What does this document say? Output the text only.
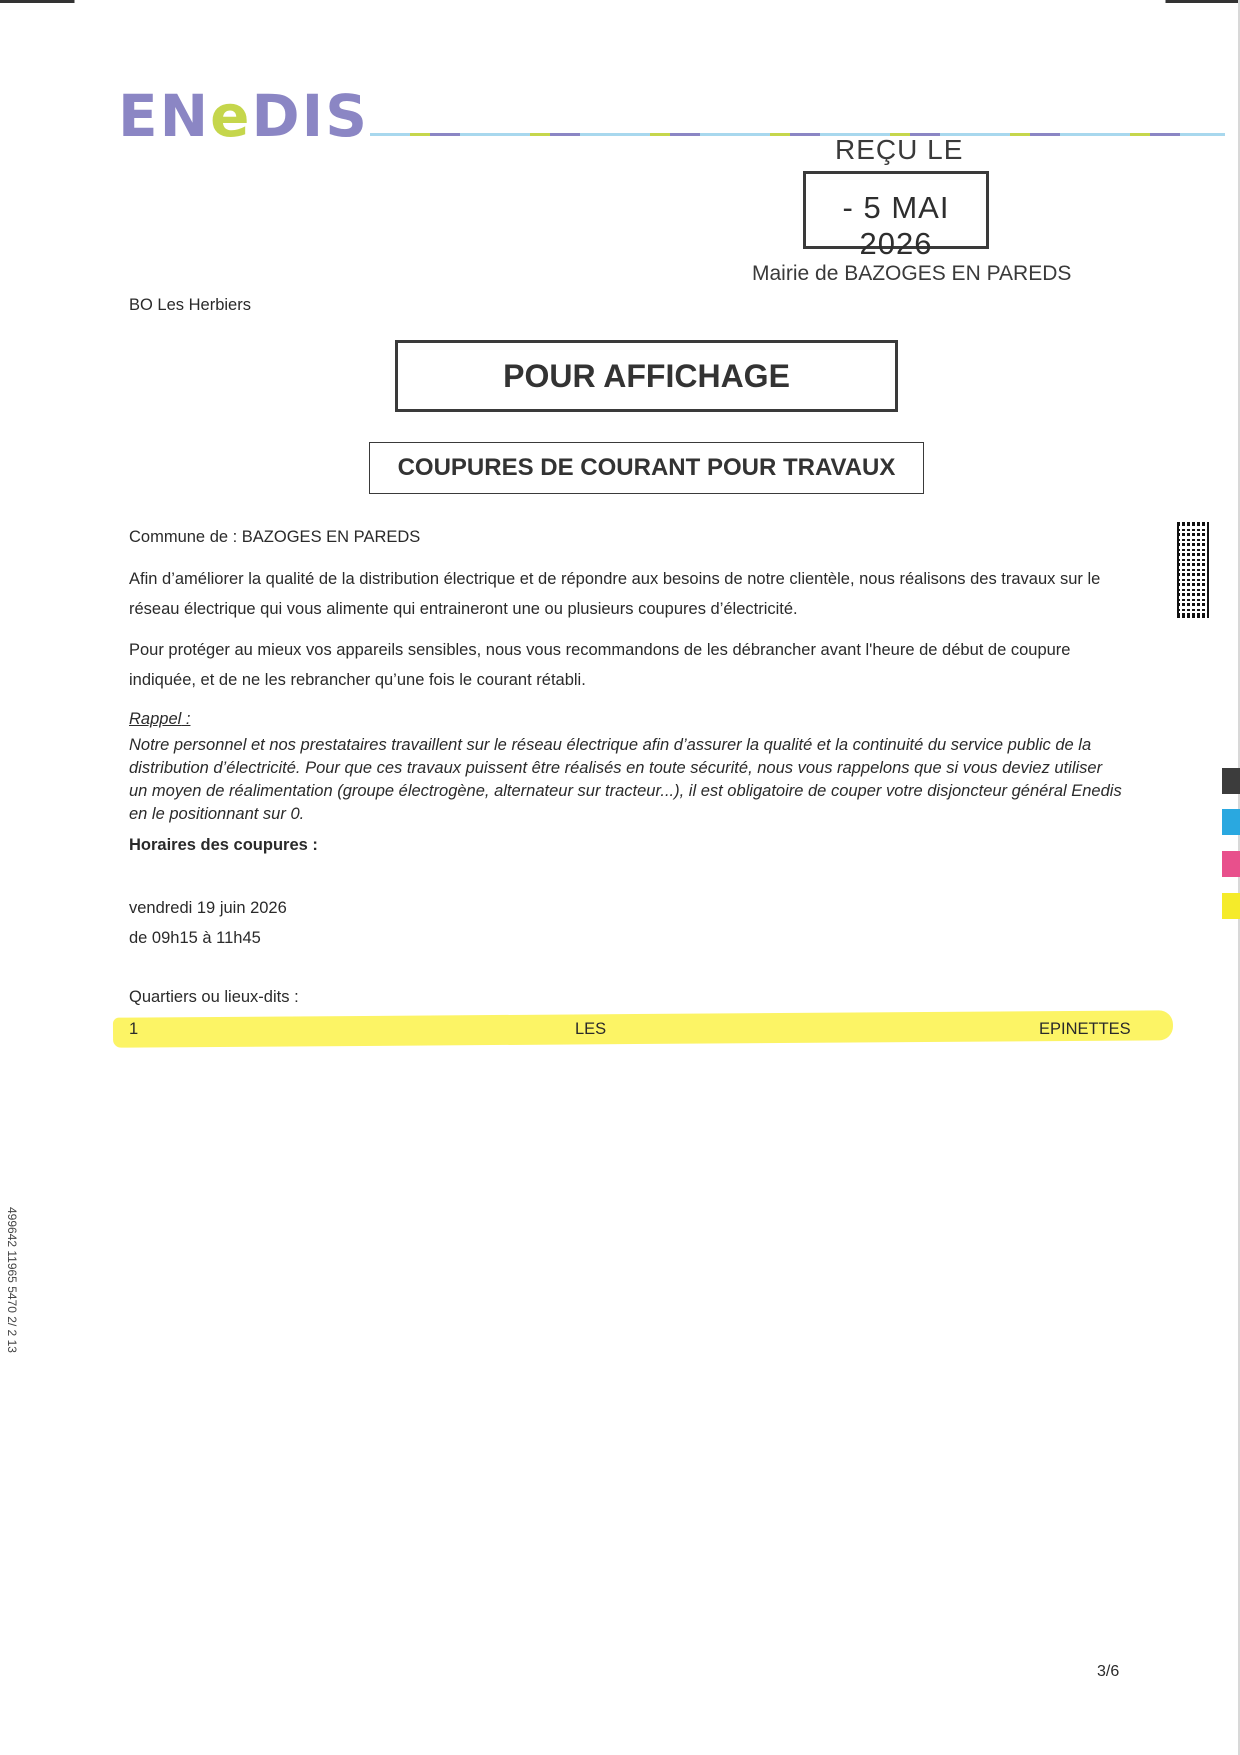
ENeDIS	REÇU LE
- 5 MAI 2026
Mairie de BAZOGES EN PAREDS
BO Les Herbiers
POUR AFFICHAGE
COUPURES DE COURANT POUR TRAVAUX
Commune de : BAZOGES EN PAREDS
Afin d’améliorer la qualité de la distribution électrique et de répondre aux besoins de notre clientèle, nous réalisons des travaux sur le réseau électrique qui vous alimente qui entraineront une ou plusieurs coupures d’électricité.
Pour protéger au mieux vos appareils sensibles, nous vous recommandons de les débrancher avant l'heure de début de coupure indiquée, et de ne les rebrancher qu’une fois le courant rétabli.
Rappel :
Notre personnel et nos prestataires travaillent sur le réseau électrique afin d’assurer la qualité et la continuité du service public de la distribution d’électricité. Pour que ces travaux puissent être réalisés en toute sécurité, nous vous rappelons que si vous deviez utiliser un moyen de réalimentation (groupe électrogène, alternateur sur tracteur...), il est obligatoire de couper votre disjoncteur général Enedis en le positionnant sur 0.
Horaires des coupures :
vendredi 19 juin 2026
de 09h15 à 11h45
Quartiers ou lieux-dits :
1	LES	EPINETTES
499642 11965 5470 2/ 2 13
3/6
